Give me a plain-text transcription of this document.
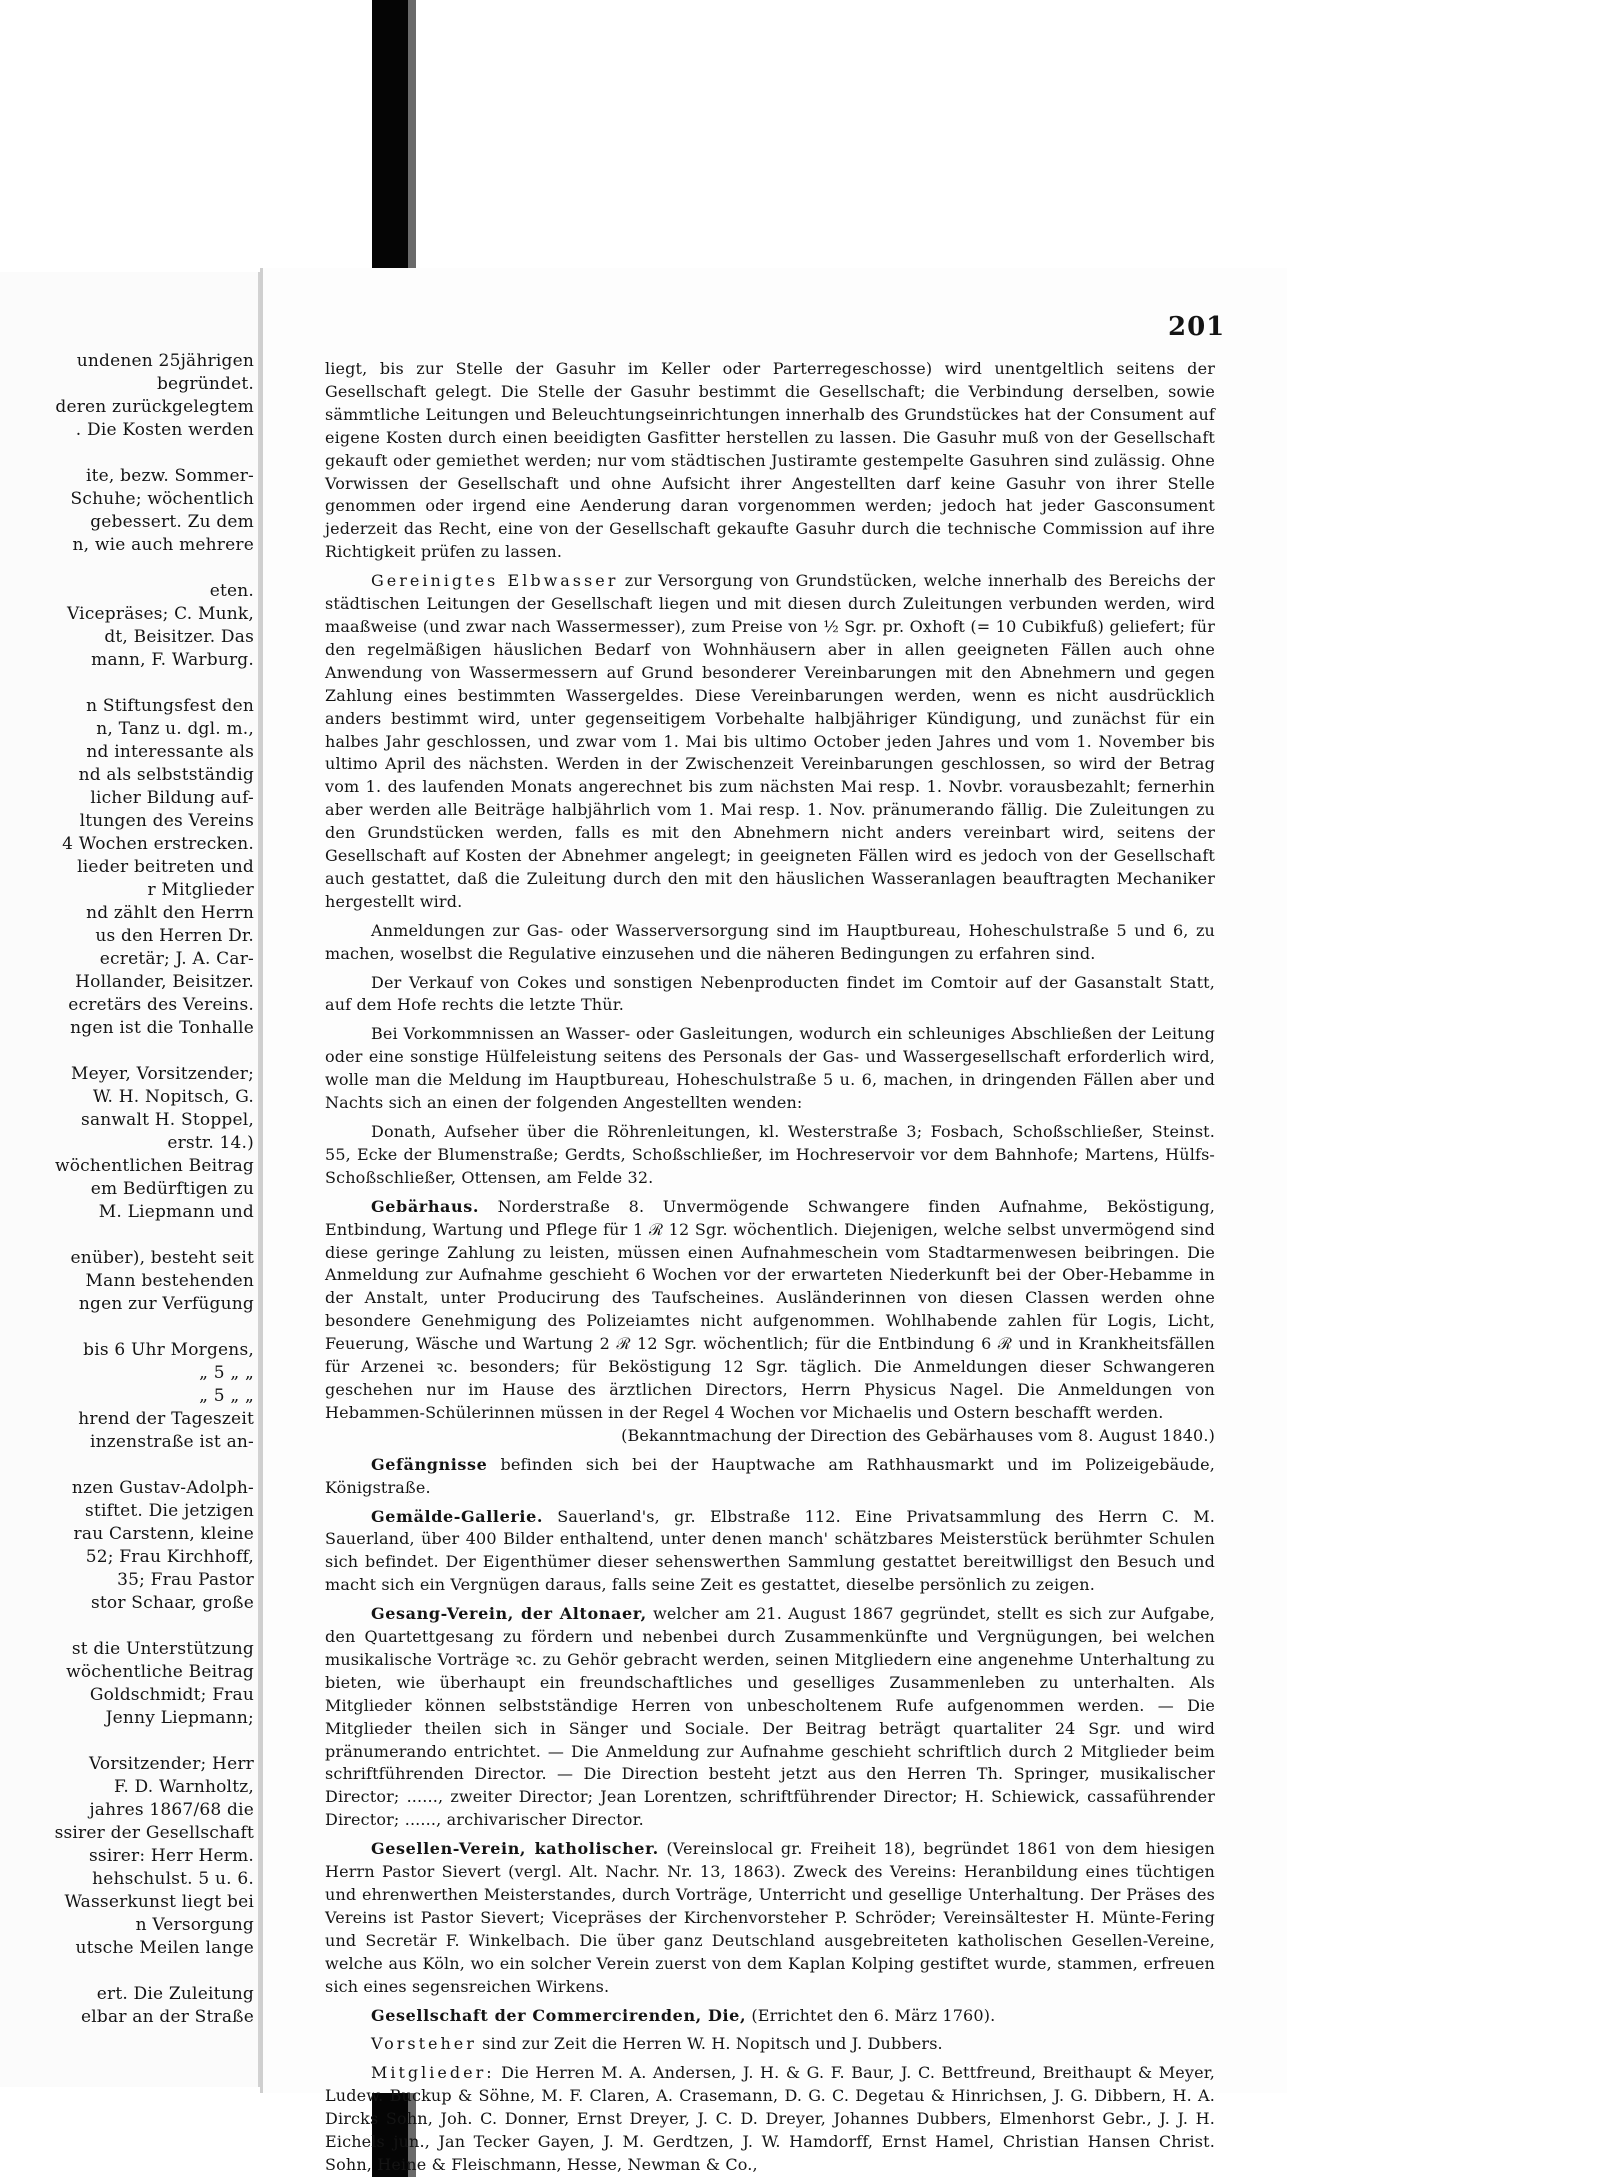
undenen 25jährigen
begründet.
deren zurückgelegtem
. Die Kosten werden

ite, bezw. Sommer-
Schuhe; wöchentlich
gebessert. Zu dem
n, wie auch mehrere

eten.
Vicepräses; C. Munk,
dt, Beisitzer. Das
mann, F. Warburg.

n Stiftungsfest den
n, Tanz u. dgl. m.,
nd interessante als
nd als selbstständig
licher Bildung auf-
ltungen des Vereins
4 Wochen erstrecken.
lieder beitreten und
r Mitglieder
nd zählt den Herrn
us den Herren Dr.
ecretär; J. A. Car-
Hollander, Beisitzer.
ecretärs des Vereins.
ngen ist die Tonhalle

Meyer, Vorsitzender;
W. H. Nopitsch, G.
sanwalt H. Stoppel,
erstr. 14.)
wöchentlichen Beitrag
em Bedürftigen zu
M. Liepmann und

enüber), besteht seit
Mann bestehenden
ngen zur Verfügung

bis 6 Uhr Morgens,
„ 5 „ „
„ 5 „ „
hrend der Tageszeit
inzenstraße ist an-

nzen Gustav-Adolph-
stiftet. Die jetzigen
rau Carstenn, kleine
52; Frau Kirchhoff,
35; Frau Pastor
stor Schaar, große

st die Unterstützung
wöchentliche Beitrag
Goldschmidt; Frau
Jenny Liepmann;

Vorsitzender; Herr
F. D. Warnholtz,
jahres 1867/68 die
ssirer der Gesellschaft
ssirer: Herr Herm.
hehschulst. 5 u. 6.
Wasserkunst liegt bei
n Versorgung
utsche Meilen lange

ert. Die Zuleitung
elbar an der Straße
201

liegt, bis zur Stelle der Gasuhr im Keller oder Parterregeschosse) wird unentgeltlich seitens der Gesellschaft gelegt. Die Stelle der Gasuhr bestimmt die Gesellschaft; die Verbindung derselben, sowie sämmtliche Leitungen und Beleuchtungseinrichtungen innerhalb des Grundstückes hat der Consument auf eigene Kosten durch einen beeidigten Gasfitter herstellen zu lassen. Die Gasuhr muß von der Gesellschaft gekauft oder gemiethet werden; nur vom städtischen Justiramte gestempelte Gasuhren sind zulässig. Ohne Vorwissen der Gesellschaft und ohne Aufsicht ihrer Angestellten darf keine Gasuhr von ihrer Stelle genommen oder irgend eine Aenderung daran vorgenommen werden; jedoch hat jeder Gasconsument jederzeit das Recht, eine von der Gesellschaft gekaufte Gasuhr durch die technische Commission auf ihre Richtigkeit prüfen zu lassen.

Gereinigtes Elbwasser zur Versorgung von Grundstücken, welche innerhalb des Bereichs der städtischen Leitungen der Gesellschaft liegen und mit diesen durch Zuleitungen verbunden werden, wird maaßweise (und zwar nach Wassermesser), zum Preise von ½ Sgr. pr. Oxhoft (= 10 Cubikfuß) geliefert; für den regelmäßigen häuslichen Bedarf von Wohnhäusern aber in allen geeigneten Fällen auch ohne Anwendung von Wassermessern auf Grund besonderer Vereinbarungen mit den Abnehmern und gegen Zahlung eines bestimmten Wassergeldes. Diese Vereinbarungen werden, wenn es nicht ausdrücklich anders bestimmt wird, unter gegenseitigem Vorbehalte halbjähriger Kündigung, und zunächst für ein halbes Jahr geschlossen, und zwar vom 1. Mai bis ultimo October jeden Jahres und vom 1. November bis ultimo April des nächsten. Werden in der Zwischenzeit Vereinbarungen geschlossen, so wird der Betrag vom 1. des laufenden Monats angerechnet bis zum nächsten Mai resp. 1. Novbr. vorausbezahlt; fernerhin aber werden alle Beiträge halbjährlich vom 1. Mai resp. 1. Nov. pränumerando fällig. Die Zuleitungen zu den Grundstücken werden, falls es mit den Abnehmern nicht anders vereinbart wird, seitens der Gesellschaft auf Kosten der Abnehmer angelegt; in geeigneten Fällen wird es jedoch von der Gesellschaft auch gestattet, daß die Zuleitung durch den mit den häuslichen Wasseranlagen beauftragten Mechaniker hergestellt wird.

Anmeldungen zur Gas- oder Wasserversorgung sind im Hauptbureau, Hoheschulstraße 5 und 6, zu machen, woselbst die Regulative einzusehen und die näheren Bedingungen zu erfahren sind.

Der Verkauf von Cokes und sonstigen Nebenproducten findet im Comtoir auf der Gasanstalt Statt, auf dem Hofe rechts die letzte Thür.

Bei Vorkommnissen an Wasser- oder Gasleitungen, wodurch ein schleuniges Abschließen der Leitung oder eine sonstige Hülfeleistung seitens des Personals der Gas- und Wassergesellschaft erforderlich wird, wolle man die Meldung im Hauptbureau, Hoheschulstraße 5 u. 6, machen, in dringenden Fällen aber und Nachts sich an einen der folgenden Angestellten wenden:

Donath, Aufseher über die Röhrenleitungen, kl. Westerstraße 3; Fosbach, Schoßschließer, Steinst. 55, Ecke der Blumenstraße; Gerdts, Schoßschließer, im Hochreservoir vor dem Bahnhofe; Martens, Hülfs-Schoßschließer, Ottensen, am Felde 32.

Gebärhaus. Norderstraße 8. Unvermögende Schwangere finden Aufnahme, Beköstigung, Entbindung, Wartung und Pflege für 1 ℛ 12 Sgr. wöchentlich. Diejenigen, welche selbst unvermögend sind diese geringe Zahlung zu leisten, müssen einen Aufnahmeschein vom Stadtarmenwesen beibringen. Die Anmeldung zur Aufnahme geschieht 6 Wochen vor der erwarteten Niederkunft bei der Ober-Hebamme in der Anstalt, unter Producirung des Taufscheines. Ausländerinnen von diesen Classen werden ohne besondere Genehmigung des Polizeiamtes nicht aufgenommen. Wohlhabende zahlen für Logis, Licht, Feuerung, Wäsche und Wartung 2 ℛ 12 Sgr. wöchentlich; für die Entbindung 6 ℛ und in Krankheitsfällen für Arzenei ꝛc. besonders; für Beköstigung 12 Sgr. täglich. Die Anmeldungen dieser Schwangeren geschehen nur im Hause des ärztlichen Directors, Herrn Physicus Nagel. Die Anmeldungen von Hebammen-Schülerinnen müssen in der Regel 4 Wochen vor Michaelis und Ostern beschafft werden.
(Bekanntmachung der Direction des Gebärhauses vom 8. August 1840.)

Gefängnisse befinden sich bei der Hauptwache am Rathhausmarkt und im Polizeigebäude, Königstraße.

Gemälde-Gallerie. Sauerland's, gr. Elbstraße 112. Eine Privatsammlung des Herrn C. M. Sauerland, über 400 Bilder enthaltend, unter denen manch' schätzbares Meisterstück berühmter Schulen sich befindet. Der Eigenthümer dieser sehenswerthen Sammlung gestattet bereitwilligst den Besuch und macht sich ein Vergnügen daraus, falls seine Zeit es gestattet, dieselbe persönlich zu zeigen.

Gesang-Verein, der Altonaer, welcher am 21. August 1867 gegründet, stellt es sich zur Aufgabe, den Quartettgesang zu fördern und nebenbei durch Zusammenkünfte und Vergnügungen, bei welchen musikalische Vorträge ꝛc. zu Gehör gebracht werden, seinen Mitgliedern eine angenehme Unterhaltung zu bieten, wie überhaupt ein freundschaftliches und geselliges Zusammenleben zu unterhalten. Als Mitglieder können selbstständige Herren von unbescholtenem Rufe aufgenommen werden. — Die Mitglieder theilen sich in Sänger und Sociale. Der Beitrag beträgt quartaliter 24 Sgr. und wird pränumerando entrichtet. — Die Anmeldung zur Aufnahme geschieht schriftlich durch 2 Mitglieder beim schriftführenden Director. — Die Direction besteht jetzt aus den Herren Th. Springer, musikalischer Director; ......, zweiter Director; Jean Lorentzen, schriftführender Director; H. Schiewick, cassaführender Director; ......, archivarischer Director.

Gesellen-Verein, katholischer. (Vereinslocal gr. Freiheit 18), begründet 1861 von dem hiesigen Herrn Pastor Sievert (vergl. Alt. Nachr. Nr. 13, 1863). Zweck des Vereins: Heranbildung eines tüchtigen und ehrenwerthen Meisterstandes, durch Vorträge, Unterricht und gesellige Unterhaltung. Der Präses des Vereins ist Pastor Sievert; Vicepräses der Kirchenvorsteher P. Schröder; Vereinsältester H. Münte-Fering und Secretär F. Winkelbach. Die über ganz Deutschland ausgebreiteten katholischen Gesellen-Vereine, welche aus Köln, wo ein solcher Verein zuerst von dem Kaplan Kolping gestiftet wurde, stammen, erfreuen sich eines segensreichen Wirkens.

Gesellschaft der Commercirenden, Die, (Errichtet den 6. März 1760).

Vorsteher sind zur Zeit die Herren W. H. Nopitsch und J. Dubbers.

Mitglieder: Die Herren M. A. Andersen, J. H. & G. F. Baur, J. C. Bettfreund, Breithaupt & Meyer, Ludew. Buckup & Söhne, M. F. Claren, A. Crasemann, D. G. C. Degetau & Hinrichsen, J. G. Dibbern, H. A. Dircks Sohn, Joh. C. Donner, Ernst Dreyer, J. C. D. Dreyer, Johannes Dubbers, Elmenhorst Gebr., J. J. H. Eichels jun., Jan Tecker Gayen, J. M. Gerdtzen, J. W. Hamdorff, Ernst Hamel, Christian Hansen Christ. Sohn, Heine & Fleischmann, Hesse, Newman & Co.,
